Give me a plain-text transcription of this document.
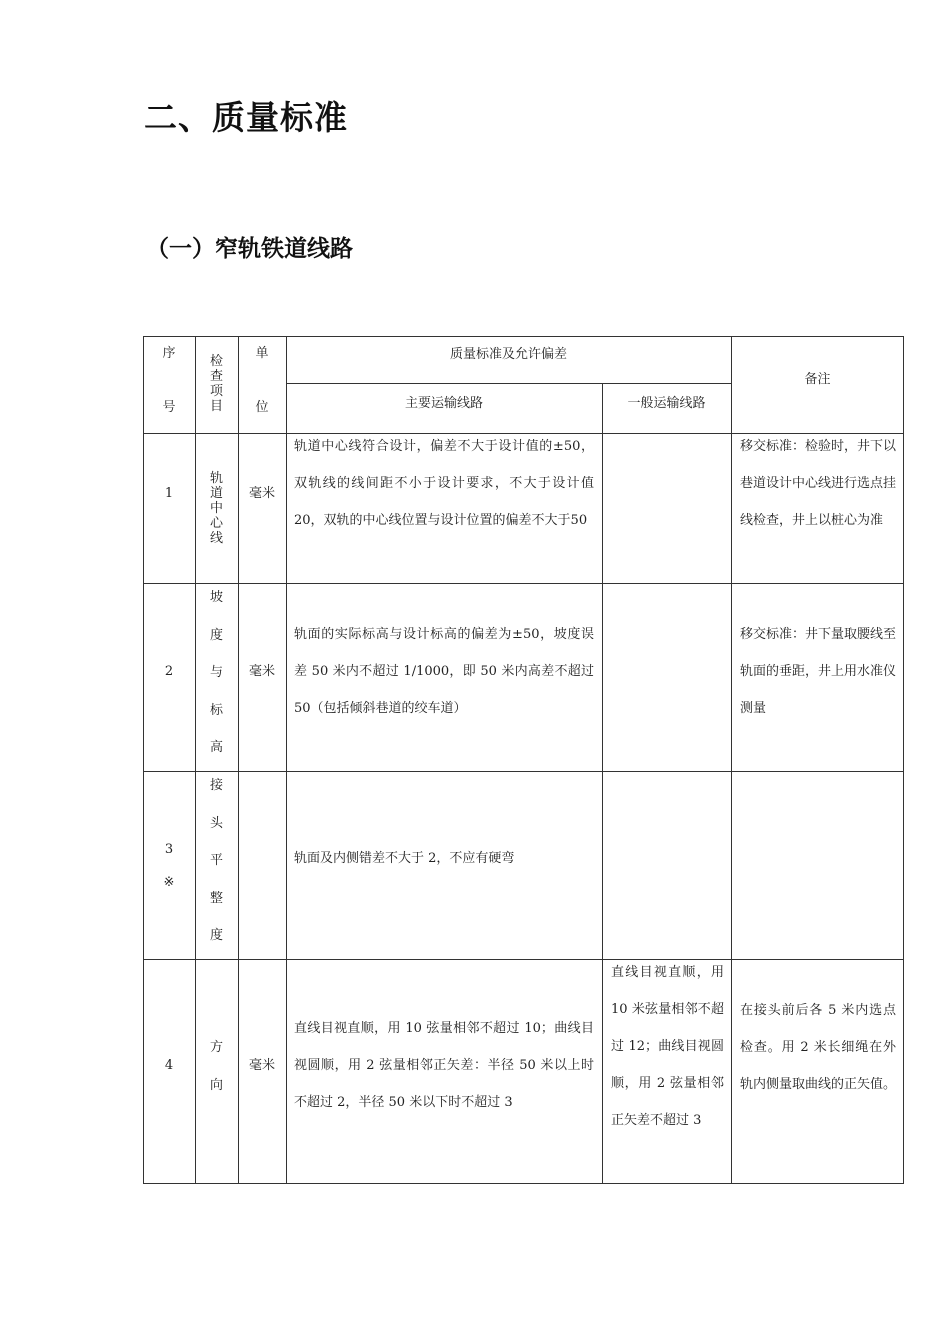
二、质量标准
（一）窄轨铁道线路
序
号
检
查
项
目
单
位
质量标准及允许偏差
主要运输线路	一般运输线路
备注
1
轨
道
中
心
线
毫米
轨道中心线符合设计，偏差不大于设计值的±50，双轨线的线间距不小于设计要求，不大于设计值 20，双轨的中心线位置与设计位置的偏差不大于50
移交标准：检验时，井下以巷道设计中心线进行选点挂线检查，井上以桩心为准
2
坡
度
与
标
高
毫米
轨面的实际标高与设计标高的偏差为±50，坡度误差 50 米内不超过 1/1000，即 50 米内高差不超过 50（包括倾斜巷道的绞车道）
移交标准：井下量取腰线至轨面的垂距，井上用水准仪测量
3
※
接
头
平
整
度
轨面及内侧错差不大于 2，不应有硬弯
4
方
向
毫米
直线目视直顺，用 10 弦量相邻不超过 10；曲线目视圆顺，用 2 弦量相邻正矢差：半径 50 米以上时不超过 2，半径 50 米以下时不超过 3
直线目视直顺，用 10 米弦量相邻不超过 12；曲线目视圆顺，用 2 弦量相邻正矢差不超过 3
在接头前后各 5 米内选点检查。用 2 米长细绳在外轨内侧量取曲线的正矢值。
